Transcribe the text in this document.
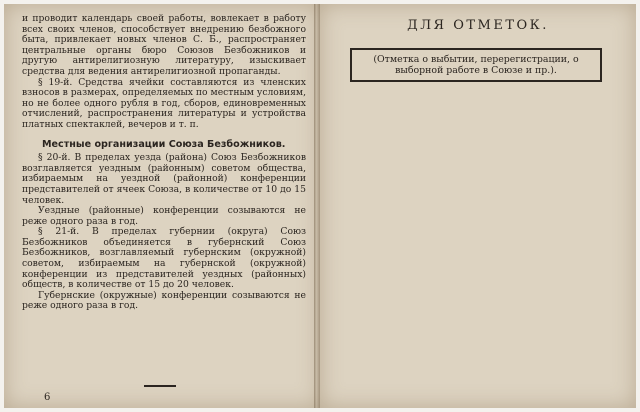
и проводит календарь своей работы, вовлекает в работу всех своих членов, способствует внедрению безбожного быта, привлекает новых членов С. Б., распространяет центральные органы бюро Союзов Безбожников и другую антирелигиозную литературу, изыскивает средства для ведения антирелигиозной пропаганды.

§ 19-й. Средства ячейки составляются из членских взносов в размерах, определяемых по местным условиям, но не более одного рубля в год, сборов, единовременных отчислений, распространения литературы и устройства платных спектаклей, вечеров и т. п.

Местные организации Союза Безбожников.

§ 20-й. В пределах уезда (района) Союз Безбожников возглавляется уездным (районным) советом общества, избираемым на уездной (районной) конференции представителей от ячеек Союза, в количестве от 10 до 15 человек.

Уездные (районные) конференции созываются не реже одного раза в год.

§ 21-й. В пределах губернии (округа) Союз Безбожников объединяется в губернский Союз Безбожников, возглавляемый губернским (окружной) советом, избираемым на губернской (окружной) конференции из представителей уездных (районных) обществ, в количестве от 15 до 20 человек.

Губернские (окружные) конференции созываются не реже одного раза в год.

6
ДЛЯ ОТМЕТОК.
(Отметка о выбытии, перерегистрации, о выборной работе в Союзе и пр.).
